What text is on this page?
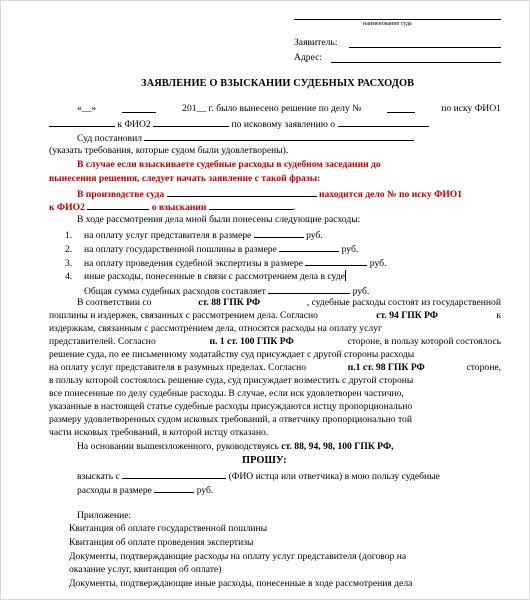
наименование суда
Заявитель:
Адрес:
ЗАЯВЛЕНИЕ О ВЗЫСКАНИИ СУДЕБНЫХ РАСХОДОВ
«__»	201__ г. было вынесено решение по делу №	по иску ФИО1
к ФИО2	по исковому заявлению о	.
Суд постановил
(указать требования, которые судом были удовлетворены).
В случае если взыскиваете судебные расходы в судебном заседании до
вынесения решения, следует начать заявление с такой фразы:
В производстве суда	находится дело № по иску ФИО1
к ФИО2	о взыскании	.
В ходе рассмотрения дела мной были понесены следующие расходы:
1. на оплату услуг представителя в размере	руб.
2. на оплату государственной пошлины в размере	руб.
3. на оплату проведения судебной экспертизы в размере	руб.
4. иные расходы, понесенные в связи с рассмотрением дела в суде
Общая сумма судебных расходов составляет	руб.
В соответствии со	ст. 88 ГПК РФ	, судебные расходы состоят из государственной
пошлины и издержек, связанных с рассмотрением дела. Согласно	ст. 94 ГПК РФ	к
издержкам, связанным с рассмотрением дела, относятся расходы на оплату услуг
представителей. Согласно	п. 1 ст. 100 ГПК РФ	стороне, в пользу которой состоялось
решение суда, по ее письменному ходатайству суд присуждает с другой стороны расходы
на оплату услуг представителя в разумных пределах. Согласно	п.1 ст. 98 ГПК РФ	стороне,
в пользу которой состоялось решение суда, суд присуждает возместить с другой стороны
все понесенные по делу судебные расходы. В случае, если иск удовлетворен частично,
указанные в настоящей статье судебные расходы присуждаются истцу пропорционально
размеру удовлетворенных судом исковых требований, а ответчику пропорционально той
части исковых требований, в которой истцу отказано.
На основании вышеизложенного, руководствуясь ст. 88, 94, 98, 100 ГПК РФ,
ПРОШУ:
взыскать с	(ФИО истца или ответчика) в мою пользу судебные
расходы в размере	руб.
Приложение:
Квитанция об оплате государственной пошлины
Квитанция об оплате проведения экспертизы
Документы, подтверждающие расходы на оплату услуг представителя (договор на
оказание услуг, квитанция об оплате)
Документы, подтверждающие иные расходы, понесенные в ходе рассмотрения дела
